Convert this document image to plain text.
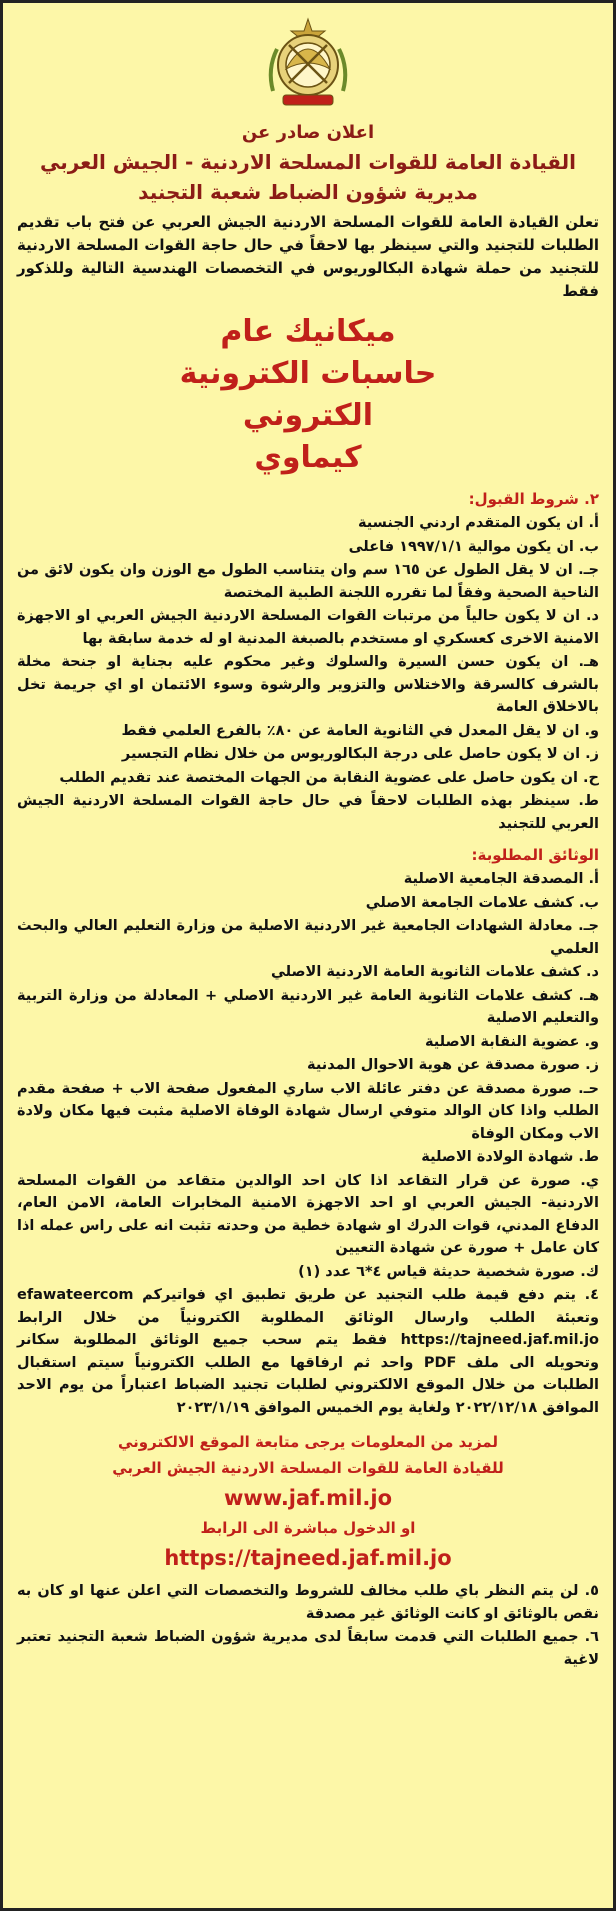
اعلان صادر عن
القيادة العامة للقوات المسلحة الاردنية - الجيش العربي
مديرية شؤون الضباط شعبة التجنيد

تعلن القيادة العامة للقوات المسلحة الاردنية الجيش العربي عن فتح باب تقديم الطلبات للتجنيد والتي سينظر بها لاحقاً في حال حاجة القوات المسلحة الاردنية للتجنيد من حملة شهادة البكالوريوس في التخصصات الهندسية التالية وللذكور فقط

ميكانيك عام
حاسبات الكترونية
الكتروني
كيماوي
٢. شروط القبول:

أ. ان يكون المتقدم اردني الجنسية

ب. ان يكون موالية ١٩٩٧/١/١ فاعلى

جـ. ان لا يقل الطول عن ١٦٥ سم وان يتناسب الطول مع الوزن وان يكون لائق من الناحية الصحية وفقاً لما تقرره اللجنة الطبية المختصة

د. ان لا يكون حالياً من مرتبات القوات المسلحة الاردنية الجيش العربي او الاجهزة الامنية الاخرى كعسكري او مستخدم بالصبغة المدنية او له خدمة سابقة بها

هـ. ان يكون حسن السيرة والسلوك وغير محكوم عليه بجناية او جنحة مخلة بالشرف كالسرقة والاختلاس والتزوير والرشوة وسوء الائتمان او اي جريمة تخل بالاخلاق العامة

و. ان لا يقل المعدل في الثانوية العامة عن ٨٠٪ بالفرع العلمي فقط

ز. ان لا يكون حاصل على درجة البكالوريوس من خلال نظام التجسير

ح. ان يكون حاصل على عضوية النقابة من الجهات المختصة عند تقديم الطلب

ط. سينظر بهذه الطلبات لاحقاً في حال حاجة القوات المسلحة الاردنية الجيش العربي للتجنيد

الوثائق المطلوبة:

أ. المصدقة الجامعية الاصلية

ب. كشف علامات الجامعة الاصلي

جـ. معادلة الشهادات الجامعية غير الاردنية الاصلية من وزارة التعليم العالي والبحث العلمي

د. كشف علامات الثانوية العامة الاردنية الاصلي

هـ. كشف علامات الثانوية العامة غير الاردنية الاصلي + المعادلة من وزارة التربية والتعليم الاصلية

و. عضوية النقابة الاصلية

ز. صورة مصدقة عن هوية الاحوال المدنية

حـ. صورة مصدقة عن دفتر عائلة الاب ساري المفعول صفحة الاب + صفحة مقدم الطلب واذا كان الوالد متوفي ارسال شهادة الوفاة الاصلية مثبت فيها مكان ولادة الاب ومكان الوفاة

ط. شهادة الولادة الاصلية

ي. صورة عن قرار التقاعد اذا كان احد الوالدين متقاعد من القوات المسلحة الاردنية- الجيش العربي او احد الاجهزة الامنية المخابرات العامة، الامن العام، الدفاع المدني، قوات الدرك او شهادة خطية من وحدته تثبت انه على راس عمله اذا كان عامل + صورة عن شهادة التعيين

ك. صورة شخصية حديثة قياس ٤*٦ عدد (١)

٤. يتم دفع قيمة طلب التجنيد عن طريق تطبيق اي فواتيركم efawateercom وتعبئة الطلب وارسال الوثائق المطلوبة الكترونياً من خلال الرابط https://tajneed.jaf.mil.jo فقط يتم سحب جميع الوثائق المطلوبة سكانر وتحويله الى ملف PDF واحد ثم ارفاقها مع الطلب الكترونياً سيتم استقبال الطلبات من خلال الموقع الالكتروني لطلبات تجنيد الضباط اعتباراً من يوم الاحد الموافق ٢٠٢٢/١٢/١٨ ولغاية يوم الخميس الموافق ٢٠٢٣/١/١٩

لمزيد من المعلومات يرجى متابعة الموقع الالكتروني
للقيادة العامة للقوات المسلحة الاردنية الجيش العربي
www.jaf.mil.jo
او الدخول مباشرة الى الرابط
https://tajneed.jaf.mil.jo

٥. لن يتم النظر باي طلب مخالف للشروط والتخصصات التي اعلن عنها او كان به نقص بالوثائق او كانت الوثائق غير مصدقة

٦. جميع الطلبات التي قدمت سابقاً لدى مديرية شؤون الضباط شعبة التجنيد تعتبر لاغية
